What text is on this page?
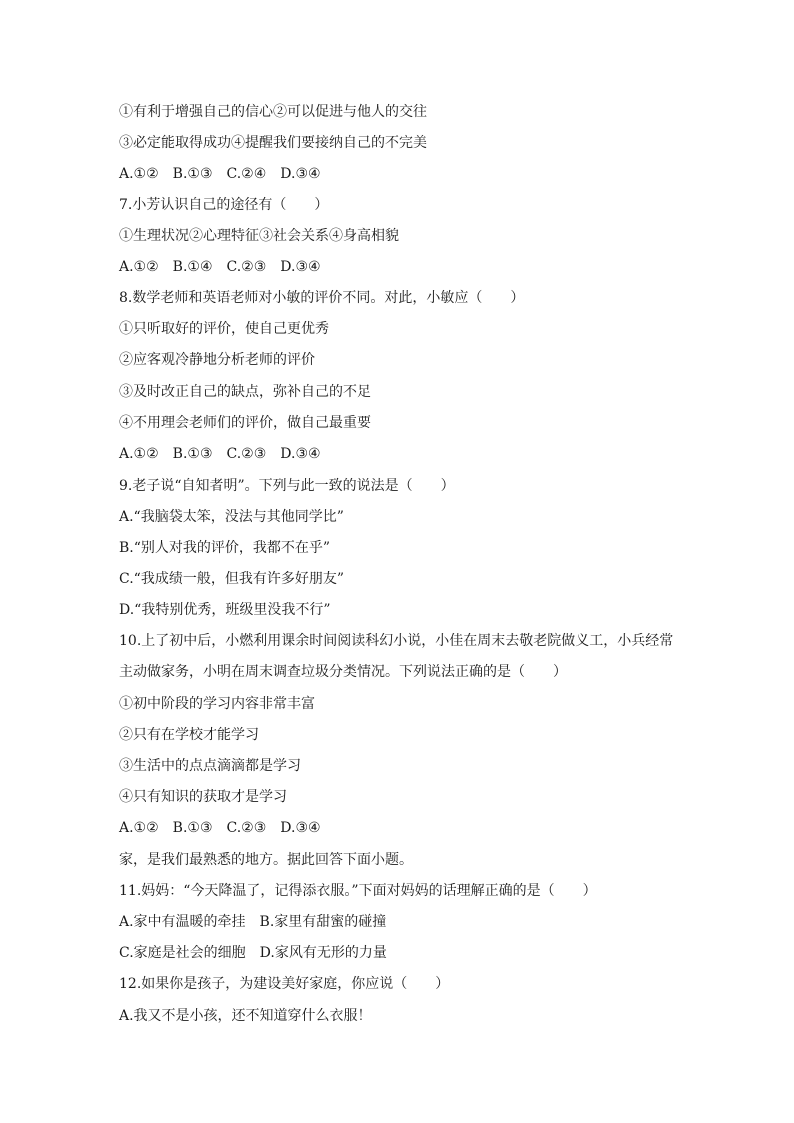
①有利于增强自己的信心②可以促进与他人的交往
③必定能取得成功④提醒我们要接纳自己的不完美
A.①②　B.①③　C.②④　D.③④
7.小芳认识自己的途径有（　　）
①生理状况②心理特征③社会关系④身高相貌
A.①②　B.①④　C.②③　D.③④
8.数学老师和英语老师对小敏的评价不同。对此，小敏应（　　）
①只听取好的评价，使自己更优秀
②应客观冷静地分析老师的评价
③及时改正自己的缺点，弥补自己的不足
④不用理会老师们的评价，做自己最重要
A.①②　B.①③　C.②③　D.③④
9.老子说“自知者明”。下列与此一致的说法是（　　）
A.“我脑袋太笨，没法与其他同学比”
B.“别人对我的评价，我都不在乎”
C.“我成绩一般，但我有许多好朋友”
D.“我特别优秀，班级里没我不行”
10.上了初中后，小燃利用课余时间阅读科幻小说，小佳在周末去敬老院做义工，小兵经常
主动做家务，小明在周末调查垃圾分类情况。下列说法正确的是（　　）
①初中阶段的学习内容非常丰富
②只有在学校才能学习
③生活中的点点滴滴都是学习
④只有知识的获取才是学习
A.①②　B.①③　C.②③　D.③④
家，是我们最熟悉的地方。据此回答下面小题。
11.妈妈：“今天降温了，记得添衣服。”下面对妈妈的话理解正确的是（　　）
A.家中有温暖的牵挂　B.家里有甜蜜的碰撞
C.家庭是社会的细胞　D.家风有无形的力量
12.如果你是孩子，为建设美好家庭，你应说（　　）
A.我又不是小孩，还不知道穿什么衣服！
